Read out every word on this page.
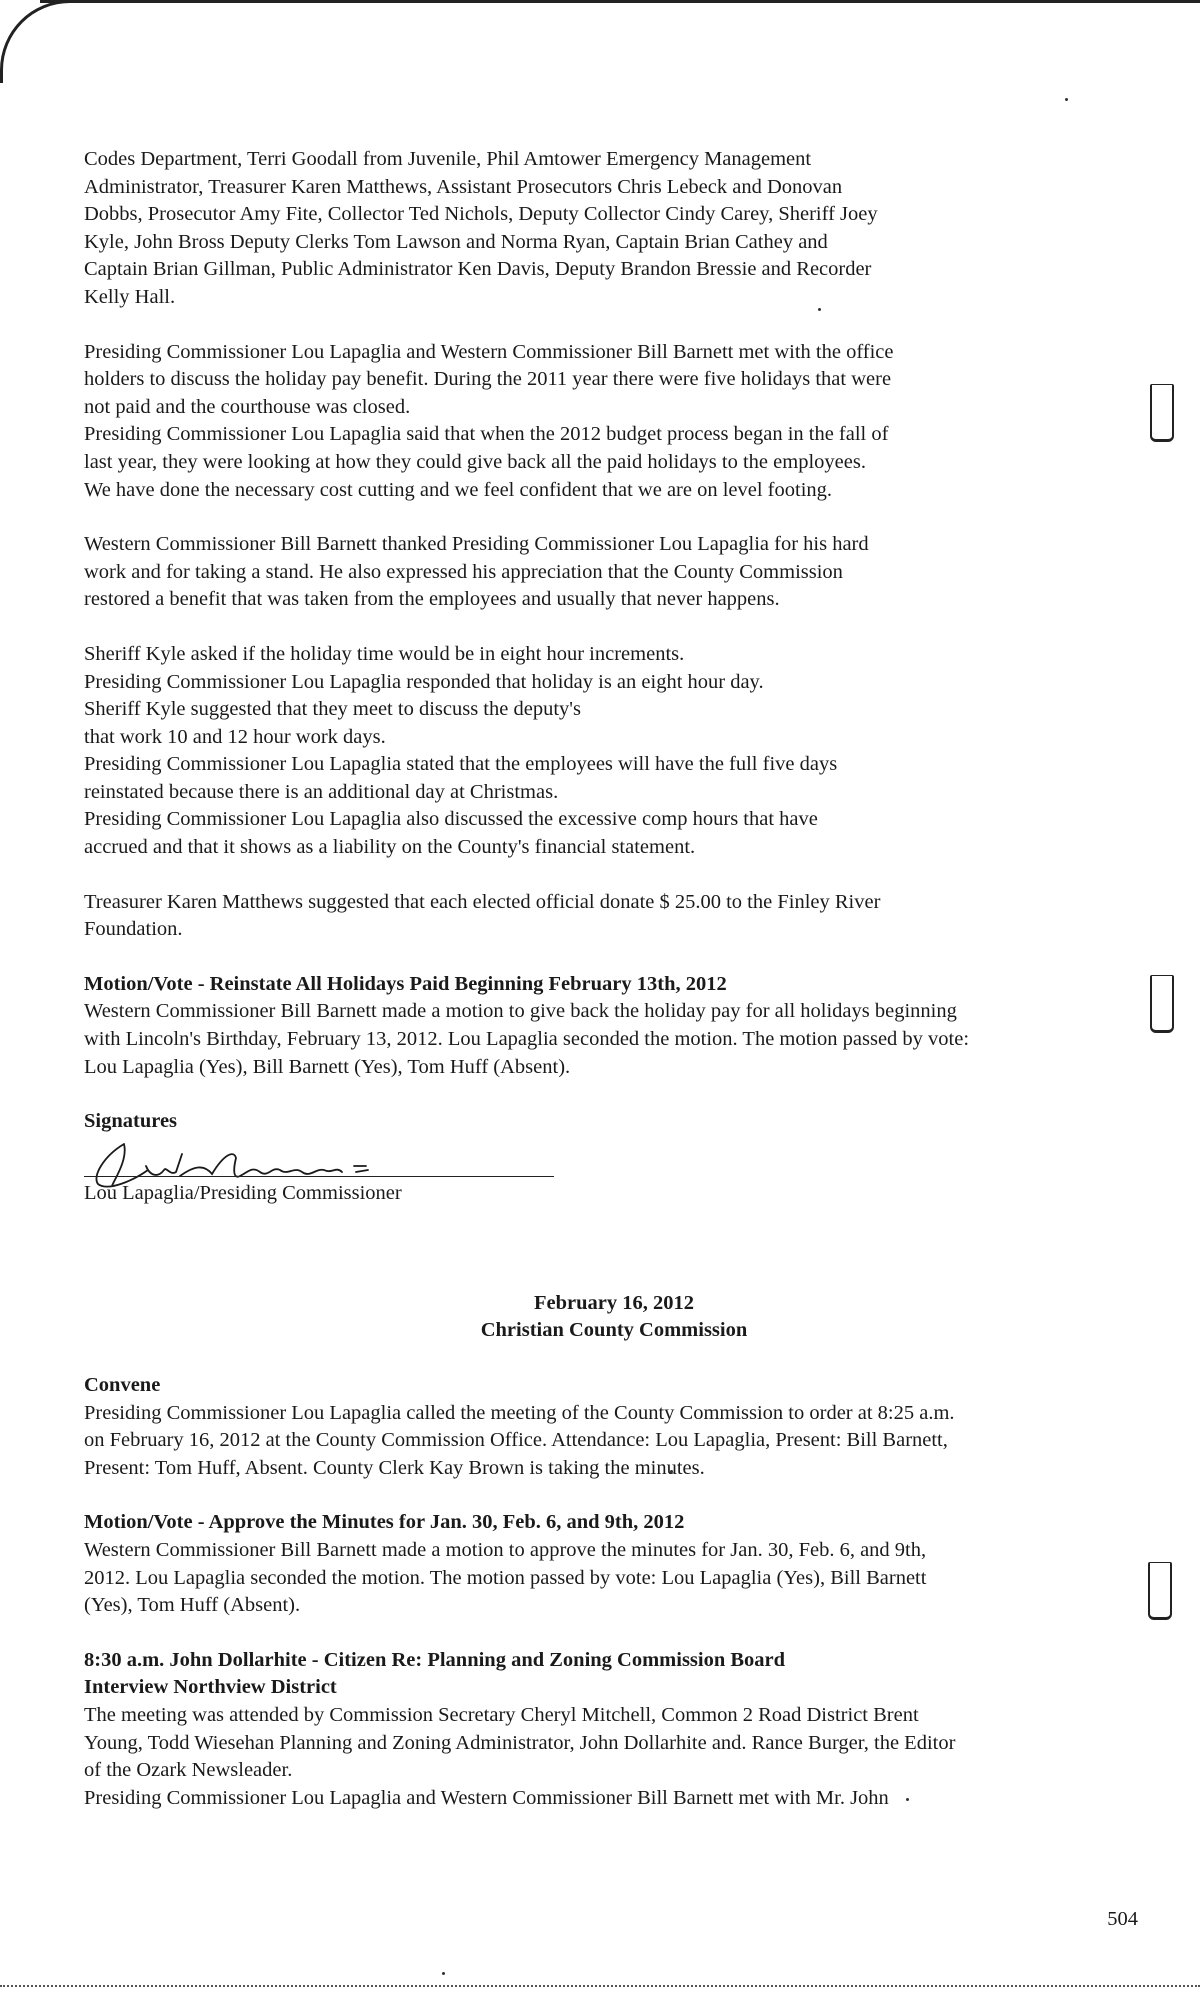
Codes Department, Terri Goodall from Juvenile, Phil Amtower Emergency Management

Administrator, Treasurer Karen Matthews, Assistant Prosecutors Chris Lebeck and Donovan

Dobbs, Prosecutor Amy Fite, Collector Ted Nichols, Deputy Collector Cindy Carey, Sheriff Joey

Kyle, John Bross Deputy Clerks Tom Lawson and Norma Ryan, Captain Brian Cathey and

Captain Brian Gillman, Public Administrator Ken Davis, Deputy Brandon Bressie and Recorder

Kelly Hall.

Presiding Commissioner Lou Lapaglia and Western Commissioner Bill Barnett met with the office

holders to discuss the holiday pay benefit. During the 2011 year there were five holidays that were

not paid and the courthouse was closed.

Presiding Commissioner Lou Lapaglia said that when the 2012 budget process began in the fall of

last year, they were looking at how they could give back all the paid holidays to the employees.

We have done the necessary cost cutting and we feel confident that we are on level footing.

Western Commissioner Bill Barnett thanked Presiding Commissioner Lou Lapaglia for his hard

work and for taking a stand. He also expressed his appreciation that the County Commission

restored a benefit that was taken from the employees and usually that never happens.

Sheriff Kyle asked if the holiday time would be in eight hour increments.

Presiding Commissioner Lou Lapaglia responded that holiday is an eight hour day.

Sheriff Kyle suggested that they meet to discuss the deputy's

that work 10 and 12 hour work days.

Presiding Commissioner Lou Lapaglia stated that the employees will have the full five days

reinstated because there is an additional day at Christmas.

Presiding Commissioner Lou Lapaglia also discussed the excessive comp hours that have

accrued and that it shows as a liability on the County's financial statement.

Treasurer Karen Matthews suggested that each elected official donate $ 25.00 to the Finley River

Foundation.

Motion/Vote - Reinstate All Holidays Paid Beginning February 13th, 2012

Western Commissioner Bill Barnett made a motion to give back the holiday pay for all holidays beginning

with Lincoln's Birthday, February 13, 2012. Lou Lapaglia seconded the motion. The motion passed by vote:

Lou Lapaglia (Yes), Bill Barnett (Yes), Tom Huff (Absent).

Signatures

Lou Lapaglia/Presiding Commissioner

February 16, 2012

Christian County Commission

Convene

Presiding Commissioner Lou Lapaglia called the meeting of the County Commission to order at 8:25 a.m.

on February 16, 2012 at the County Commission Office. Attendance: Lou Lapaglia, Present: Bill Barnett,

Present: Tom Huff, Absent. County Clerk Kay Brown is taking the minutes.

Motion/Vote - Approve the Minutes for Jan. 30, Feb. 6, and 9th, 2012

Western Commissioner Bill Barnett made a motion to approve the minutes for Jan. 30, Feb. 6, and 9th,

2012. Lou Lapaglia seconded the motion. The motion passed by vote: Lou Lapaglia (Yes), Bill Barnett

(Yes), Tom Huff (Absent).

8:30 a.m. John Dollarhite - Citizen Re: Planning and Zoning Commission Board

Interview Northview District

The meeting was attended by Commission Secretary Cheryl Mitchell, Common 2 Road District Brent

Young, Todd Wiesehan Planning and Zoning Administrator, John Dollarhite and. Rance Burger, the Editor

of the Ozark Newsleader.

Presiding Commissioner Lou Lapaglia and Western Commissioner Bill Barnett met with Mr. John

504
